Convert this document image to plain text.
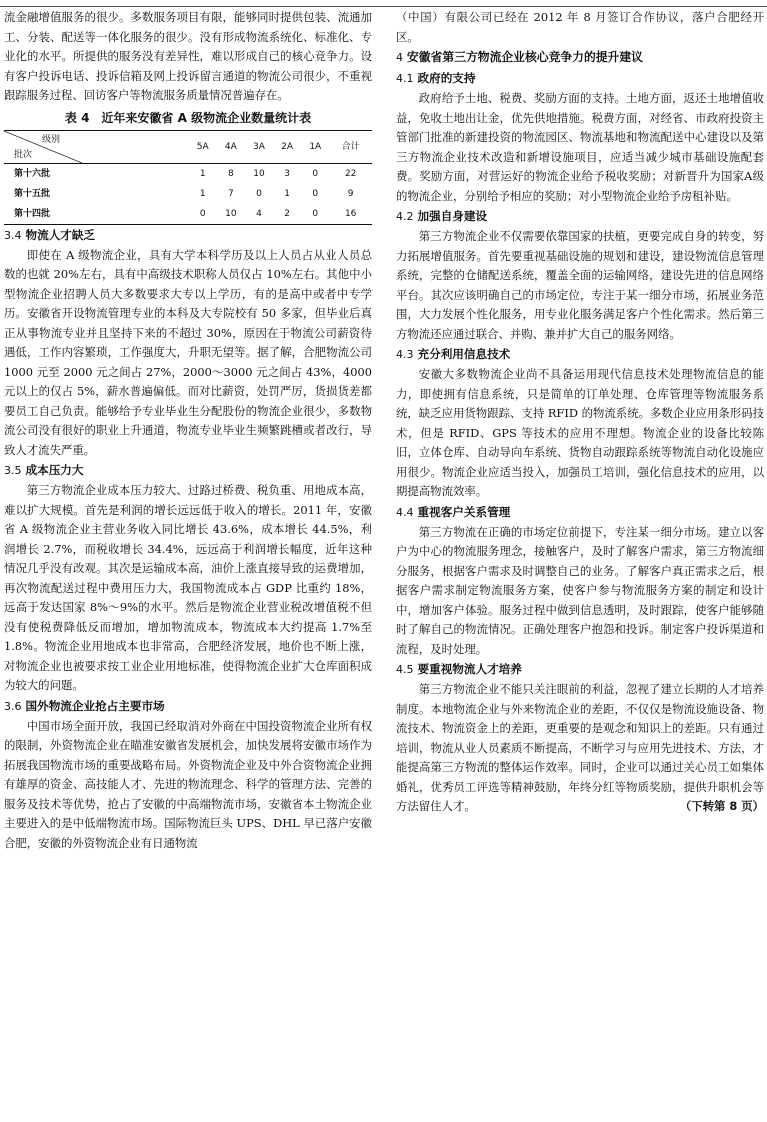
流金融增值服务的很少。多数服务项目有限，能够同时提供包装、流通加工、分装、配送等一体化服务的很少。没有形成物流系统化、标准化、专业化的水平。所提供的服务没有差异性，难以形成自己的核心竞争力。设有客户投诉电话、投诉信箱及网上投诉留言通道的物流公司很少，不重视跟踪服务过程、回访客户等物流服务质量情况普遍存在。

表 4　近年来安徽省 A 级物流企业数量统计表
级别
批次	5A	4A	3A	2A	1A	合计
第十六批	1	8	10	3	0	22
第十五批	1	7	0	1	0	9
第十四批	0	10	4	2	0	16
3.4 物流人才缺乏

即使在 A 级物流企业，具有大学本科学历及以上人员占从业人员总数的也就 20%左右，具有中高级技术职称人员仅占 10%左右。其他中小型物流企业招聘人员大多数要求大专以上学历，有的是高中或者中专学历。安徽省开设物流管理专业的本科及大专院校有 50 多家，但毕业后真正从事物流专业并且坚持下来的不超过 30%，原因在于物流公司薪资待遇低，工作内容繁琐，工作强度大，升职无望等。据了解，合肥物流公司 1000 元至 2000 元之间占 27%，2000～3000 元之间占 43%，4000 元以上的仅占 5%，薪水普遍偏低。而对比薪资，处罚严厉，货损货差都要员工自己负责。能够给予专业毕业生分配股份的物流企业很少，多数物流公司没有很好的职业上升通道，物流专业毕业生频繁跳槽或者改行，导致人才流失严重。

3.5 成本压力大

第三方物流企业成本压力较大、过路过桥费、税负重、用地成本高，难以扩大规模。首先是利润的增长远远低于收入的增长。2011 年，安徽省 A 级物流企业主营业务收入同比增长 43.6%，成本增长 44.5%，利润增长 2.7%，而税收增长 34.4%，远远高于利润增长幅度，近年这种情况几乎没有改观。其次是运输成本高，油价上涨直接导致的运费增加，再次物流配送过程中费用压力大，我国物流成本占 GDP 比重约 18%，远高于发达国家 8%～9%的水平。然后是物流企业营业税改增值税不但没有使税费降低反而增加，增加物流成本，物流成本大约提高 1.7%至 1.8%。物流企业用地成本也非常高，合肥经济发展，地价也不断上涨，对物流企业也被要求按工业企业用地标准，使得物流企业扩大仓库面积成为较大的问题。

3.6 国外物流企业抢占主要市场

中国市场全面开放，我国已经取消对外商在中国投资物流企业所有权的限制，外资物流企业在瞄准安徽省发展机会，加快发展将安徽市场作为拓展我国物流市场的重要战略布局。外资物流企业及中外合资物流企业拥有雄厚的资金、高技能人才、先进的物流理念、科学的管理方法、完善的服务及技术等优势，抢占了安徽的中高端物流市场，安徽省本土物流企业主要进入的是中低端物流市场。国际物流巨头 UPS、DHL 早已落户安徽合肥，安徽的外资物流企业有日通物流

（中国）有限公司已经在 2012 年 8 月签订合作协议，落户合肥经开区。

4 安徽省第三方物流企业核心竞争力的提升建议
4.1 政府的支持

政府给予土地、税费、奖励方面的支持。土地方面，返还土地增值收益，免收土地出让金，优先供地措施。税费方面，对经省、市政府投资主管部门批准的新建投资的物流园区、物流基地和物流配送中心建设以及第三方物流企业技术改造和新增设施项目，应适当减少城市基础设施配套费。奖励方面，对营运好的物流企业给予税收奖励；对新晋升为国家A级的物流企业，分别给予相应的奖励；对小型物流企业给予房租补贴。

4.2 加强自身建设

第三方物流企业不仅需要依靠国家的扶植，更要完成自身的转变，努力拓展增值服务。首先要重视基础设施的规划和建设，建设物流信息管理系统，完整的仓储配送系统，覆盖全面的运输网络，建设先进的信息网络平台。其次应该明确自己的市场定位，专注于某一细分市场，拓展业务范围，大力发展个性化服务，用专业化服务满足客户个性化需求。然后第三方物流还应通过联合、并购、兼并扩大自己的服务网络。

4.3 充分利用信息技术

安徽大多数物流企业尚不具备运用现代信息技术处理物流信息的能力，即使拥有信息系统，只是简单的订单处理、仓库管理等物流服务系统，缺乏应用货物跟踪、支持 RFID 的物流系统。多数企业应用条形码技术，但是 RFID、GPS 等技术的应用不理想。物流企业的设备比较陈旧，立体仓库、自动导向车系统、货物自动跟踪系统等物流自动化设施应用很少。物流企业应适当投入，加强员工培训，强化信息技术的应用，以期提高物流效率。

4.4 重视客户关系管理

第三方物流在正确的市场定位前提下，专注某一细分市场。建立以客户为中心的物流服务理念，接触客户，及时了解客户需求，第三方物流细分服务，根据客户需求及时调整自己的业务。了解客户真正需求之后，根据客户需求制定物流服务方案，使客户参与物流服务方案的制定和设计中，增加客户体验。服务过程中做到信息透明，及时跟踪，使客户能够随时了解自己的物流情况。正确处理客户抱怨和投诉。制定客户投诉渠道和流程，及时处理。

4.5 要重视物流人才培养

第三方物流企业不能只关注眼前的利益，忽视了建立长期的人才培养制度。本地物流企业与外来物流企业的差距，不仅仅是物流设施设备、物流技术、物流资金上的差距，更重要的是观念和知识上的差距。只有通过培训，物流从业人员素质不断提高，不断学习与应用先进技术、方法，才能提高第三方物流的整体运作效率。同时，企业可以通过关心员工如集体婚礼，优秀员工评选等精神鼓励，年终分红等物质奖励，提供升职机会等方法留住人才。	（下转第 8 页）
